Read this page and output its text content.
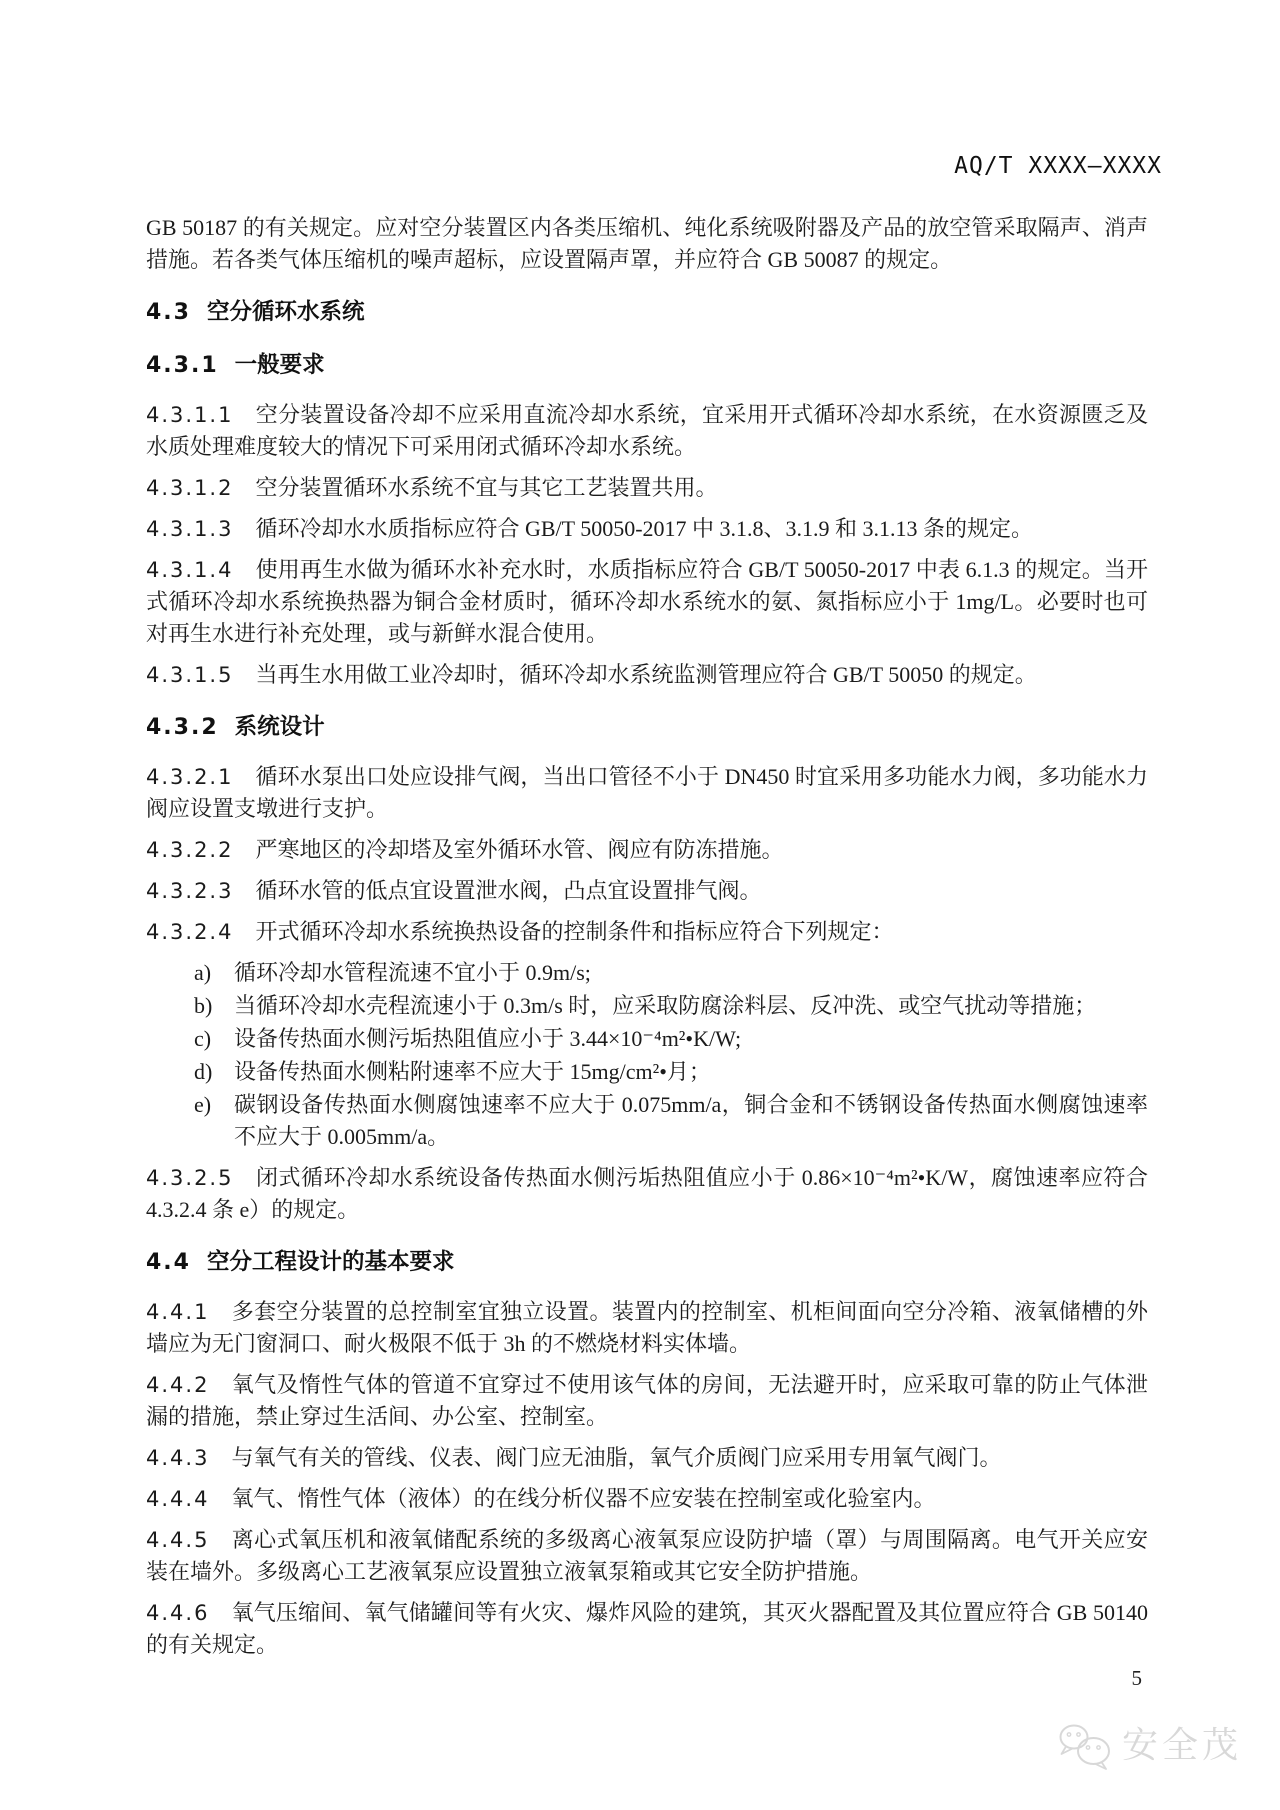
AQ/T XXXX—XXXX

GB 50187 的有关规定。应对空分装置区内各类压缩机、纯化系统吸附器及产品的放空管采取隔声、消声措施。若各类气体压缩机的噪声超标，应设置隔声罩，并应符合 GB 50087 的规定。

4.3 空分循环水系统

4.3.1 一般要求

4.3.1.1 空分装置设备冷却不应采用直流冷却水系统，宜采用开式循环冷却水系统，在水资源匮乏及水质处理难度较大的情况下可采用闭式循环冷却水系统。

4.3.1.2 空分装置循环水系统不宜与其它工艺装置共用。

4.3.1.3 循环冷却水水质指标应符合 GB/T 50050-2017 中 3.1.8、3.1.9 和 3.1.13 条的规定。

4.3.1.4 使用再生水做为循环水补充水时，水质指标应符合 GB/T 50050-2017 中表 6.1.3 的规定。当开式循环冷却水系统换热器为铜合金材质时，循环冷却水系统水的氨、氮指标应小于 1mg/L。必要时也可对再生水进行补充处理，或与新鲜水混合使用。

4.3.1.5 当再生水用做工业冷却时，循环冷却水系统监测管理应符合 GB/T 50050 的规定。

4.3.2 系统设计

4.3.2.1 循环水泵出口处应设排气阀，当出口管径不小于 DN450 时宜采用多功能水力阀，多功能水力阀应设置支墩进行支护。

4.3.2.2 严寒地区的冷却塔及室外循环水管、阀应有防冻措施。

4.3.2.3 循环水管的低点宜设置泄水阀，凸点宜设置排气阀。

4.3.2.4 开式循环冷却水系统换热设备的控制条件和指标应符合下列规定：

a)	循环冷却水管程流速不宜小于 0.9m/s;
b) 当循环冷却水壳程流速小于 0.3m/s 时，应采取防腐涂料层、反冲洗、或空气扰动等措施；
c)	设备传热面水侧污垢热阻值应小于 3.44×10⁻⁴m²•K/W;
d) 设备传热面水侧粘附速率不应大于 15mg/cm²•月；
e)	碳钢设备传热面水侧腐蚀速率不应大于 0.075mm/a，铜合金和不锈钢设备传热面水侧腐蚀速率不应大于 0.005mm/a。

4.3.2.5 闭式循环冷却水系统设备传热面水侧污垢热阻值应小于 0.86×10⁻⁴m²•K/W，腐蚀速率应符合 4.3.2.4 条 e）的规定。

4.4 空分工程设计的基本要求

4.4.1 多套空分装置的总控制室宜独立设置。装置内的控制室、机柜间面向空分冷箱、液氧储槽的外墙应为无门窗洞口、耐火极限不低于 3h 的不燃烧材料实体墙。

4.4.2 氧气及惰性气体的管道不宜穿过不使用该气体的房间，无法避开时，应采取可靠的防止气体泄漏的措施，禁止穿过生活间、办公室、控制室。

4.4.3 与氧气有关的管线、仪表、阀门应无油脂，氧气介质阀门应采用专用氧气阀门。

4.4.4 氧气、惰性气体（液体）的在线分析仪器不应安装在控制室或化验室内。

4.4.5 离心式氧压机和液氧储配系统的多级离心液氧泵应设防护墙（罩）与周围隔离。电气开关应安装在墙外。多级离心工艺液氧泵应设置独立液氧泵箱或其它安全防护措施。

4.4.6 氧气压缩间、氧气储罐间等有火灾、爆炸风险的建筑，其灭火器配置及其位置应符合 GB 50140 的有关规定。

5
安全茂
